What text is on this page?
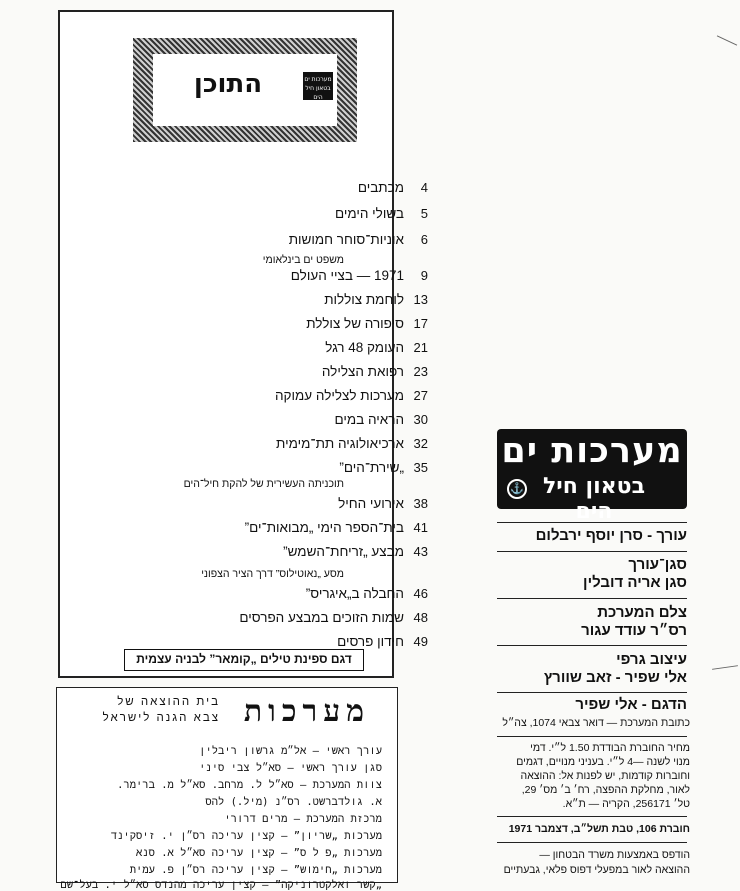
התוכן	מערכות ים בטאון חיל הים
4
מכתבים
5
בשולי הימים
6
אוניות־סוחר חמושות
משפט ים בינלאומי
9
1971 — בציי העולם
13
לוחמת צוללות
17
סיפורה של צוללת
21
העומק 48 רגל
23
רפואת הצלילה
27
מערכות לצלילה עמוקה
30
הראיה במים
32
ארכיאולוגיה תת־מימית
35
„שירת־הים”
תוכניתה העשירית של להקת חיל־הים
38
אירועי החיל
41
בית־הספר הימי „מבואות־ים”
43
מבצע „זריחת־השמש”
מסע „נאוטילוס” דרך הציר הצפוני
46
החבלה ב„איגריס”
48
שמות הזוכים במבצע הפרסים
49
חידון פרסים
דגם ספינת טילים „קומאר” לבניה עצמית
מערכות
בית ההוצאה של
צבא הגנה לישראל
עורך ראשי — אל״מ גרשון ריבלין
סגן עורך ראשי — סא״ל צבי סיני
צוות המערכת — סא״ל ל. מרחב. סא״ל מ. ברימר.
א. גולדברשט. רס״נ (מיל.) להס
מרכזת המערכת — מרים דרורי
מערכות „שריון” — קצין עריכה רס״ן י. זיסקינד
מערכות „פ ל ס” — קצין עריכה סא״ל א. סנא
מערכות „חימוש” — קצין עריכה רס״ן פ. עמית
„קשר ואלקטרוניקה” — קצין עריכה מהנדס סא״ל י. בעל־שם
מערכות ים
בטאון חיל הים
⚓
עורך - סרן יוסף ירבלום
סגן־עורך
סגן אריה דובלין
צלם המערכת
רס״ר עודד עגור
עיצוב גרפי
אלי שפיר - זאב שוורץ
הדגם - אלי שפיר
כתובת המערכת — דואר צבאי 1074, צה״ל
מחיר החוברת הבודדת 1.50 ל״י. דמי
מנוי לשנה —4 ל״י. בעניני מנויים, דגמים
וחוברות קודמות, יש לפנות אל: ההוצאה
לאור, מחלקת ההפצה, רח׳ ב׳ מס׳ 29,
טל׳ 256171, הקריה — ת״א.
חוברת 106, טבת תשל״ב, דצמבר 1971
הודפס באמצעות משרד הבטחון —
ההוצאה לאור במפעלי דפוס פלאי, גבעתיים
